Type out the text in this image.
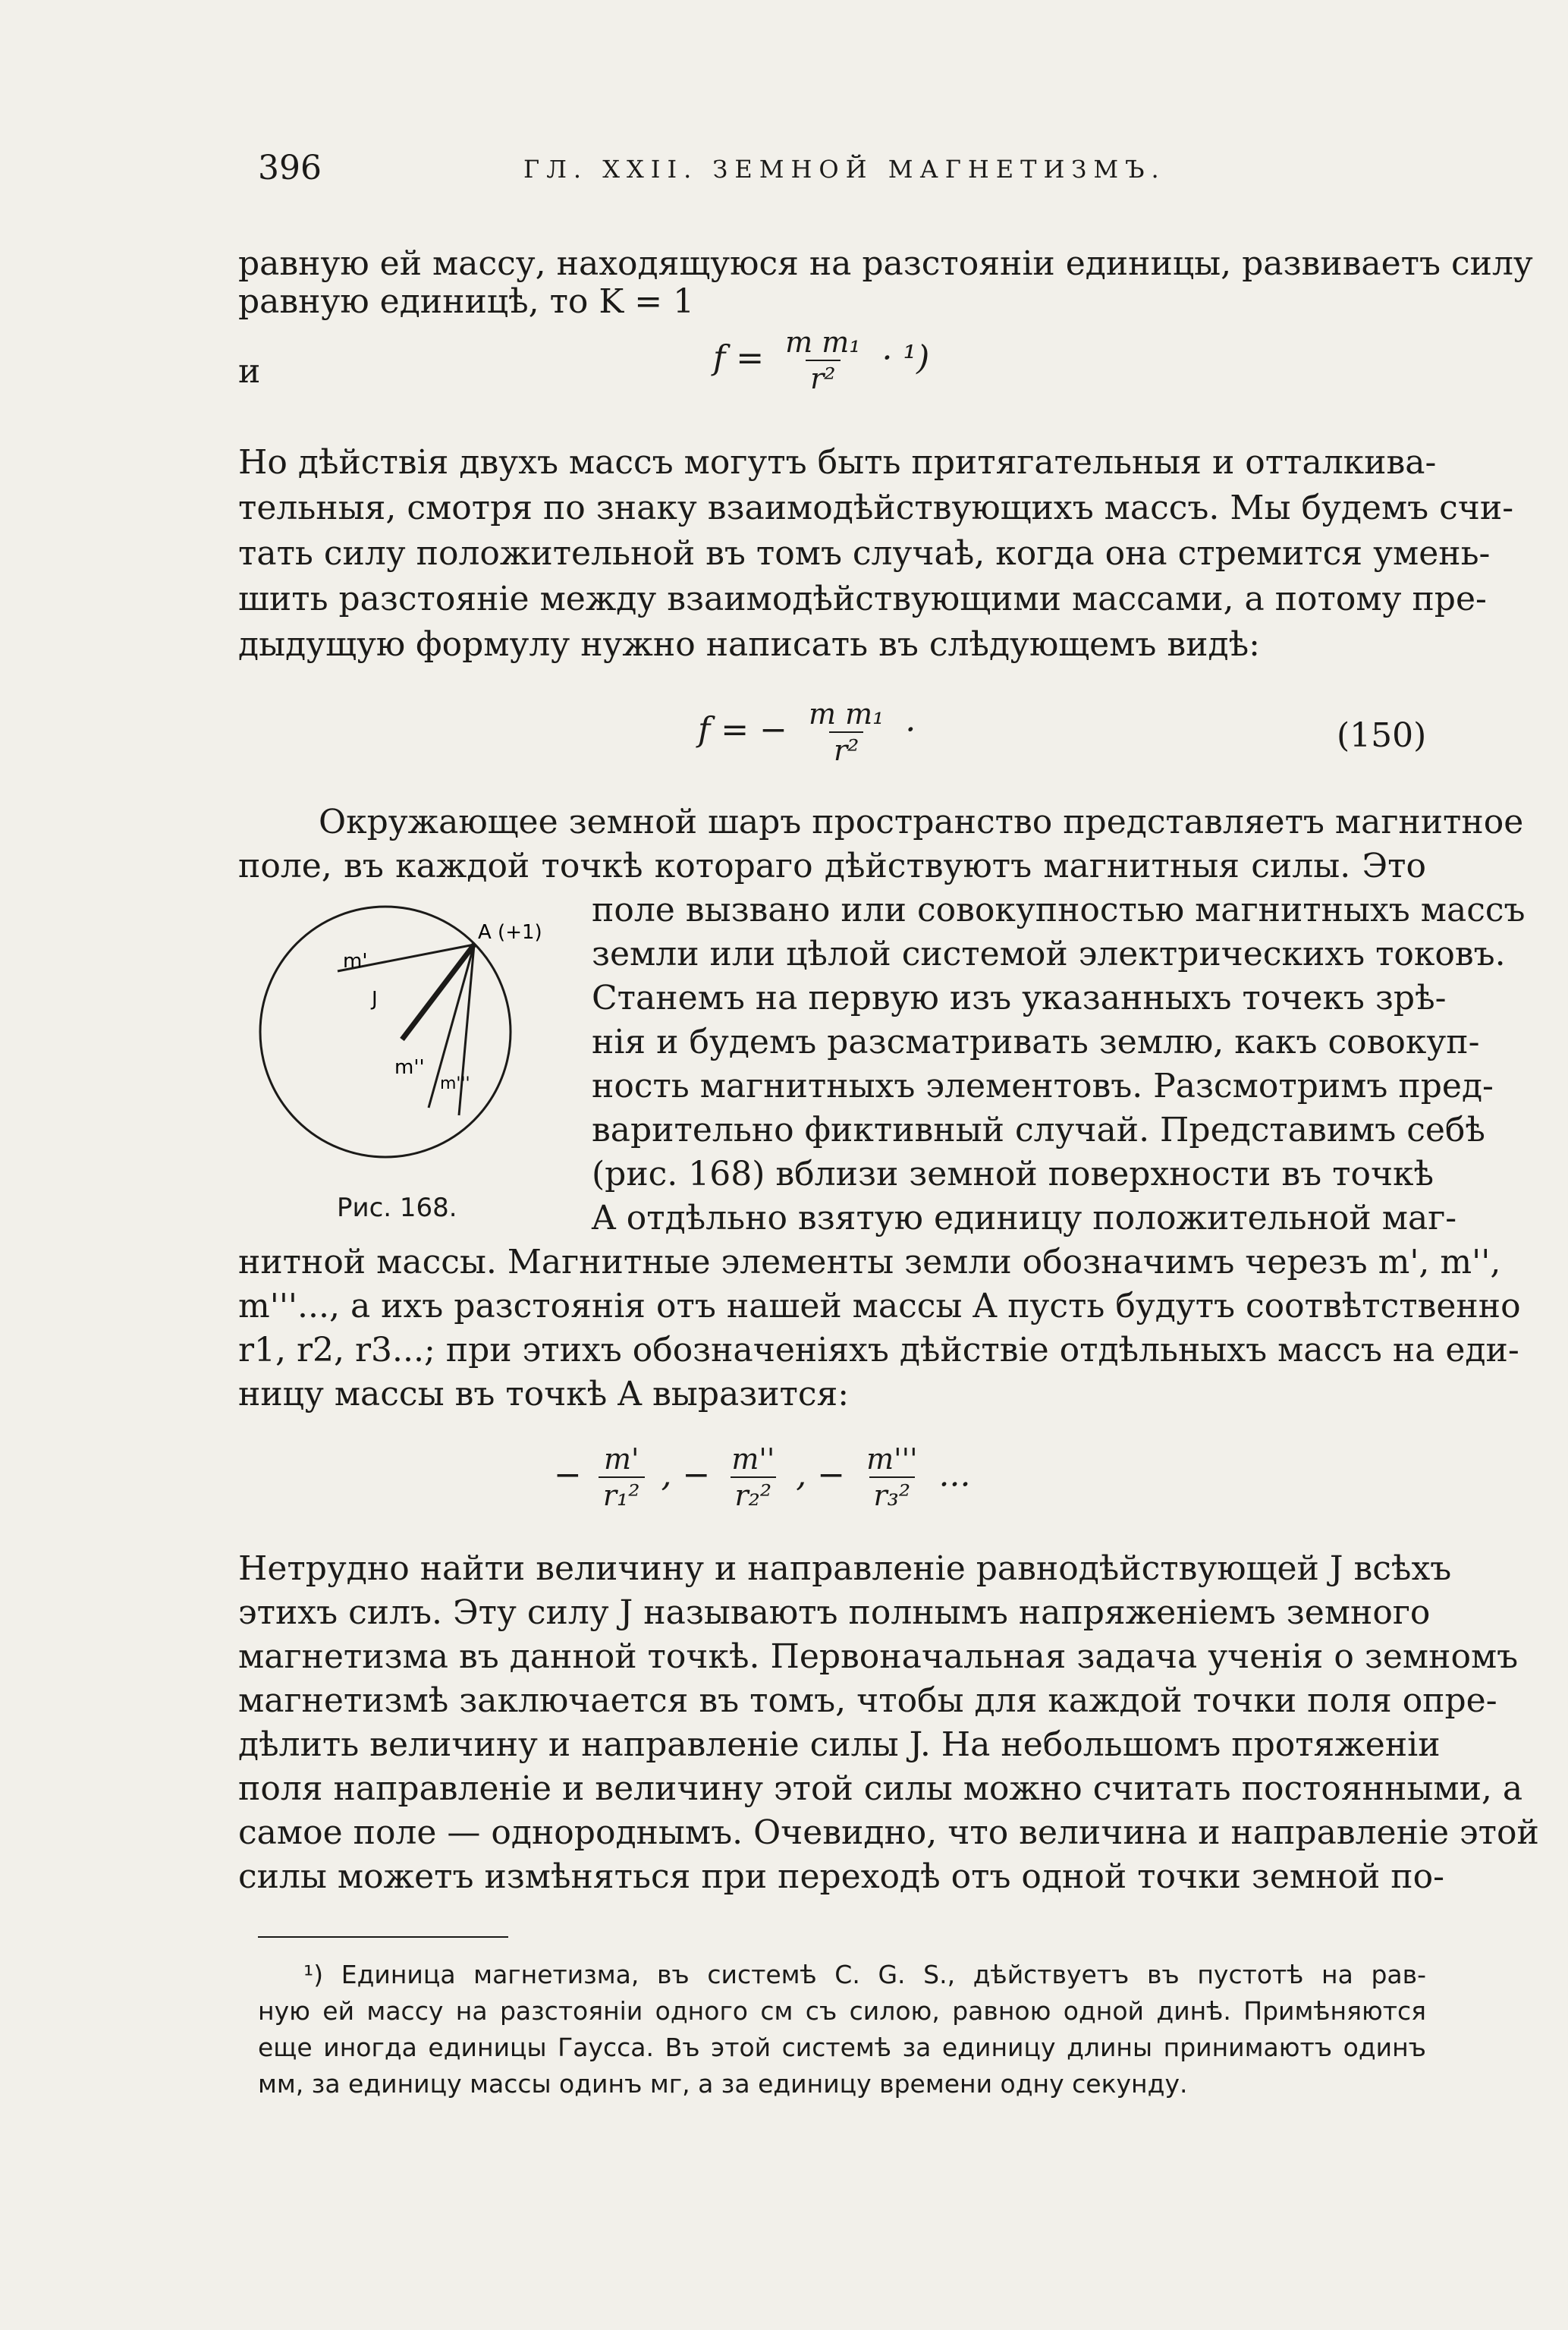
396	ГЛ. XXII. ЗЕМНОЙ МАГНЕТИЗМЪ.
равную ей массу, находящуюся на разстояніи единицы, развиваетъ силу
равную единицѣ, то K = 1
и	$f = \frac{\text{m m₁}}{\text{r²}} \cdot ^1$)
Но дѣйствія двухъ массъ могутъ быть притягательныя и отталкива-
тельныя, смотря по знаку взаимодѣйствующихъ массъ. Мы будемъ счи-
тать силу положительной въ томъ случаѣ, когда она стремится умень-
шить разстояніе между взаимодѣйствующими массами, а потому пре-
дыдущую формулу нужно написать въ слѣдующемъ видѣ:
f = − $\frac{\text{m m₁}}{\text{r²}}$ ·	(150)
Окружающее земной шаръ пространство представляетъ магнитное
поле, въ каждой точкѣ котораго дѣйствуютъ магнитныя силы. Это
поле вызвано или совокупностью магнитныхъ массъ
земли или цѣлой системой электрическихъ токовъ.
Станемъ на первую изъ указанныхъ точекъ зрѣ-
нія и будемъ разсматривать землю, какъ совокуп-
ность магнитныхъ элементовъ. Разсмотримъ пред-
варительно фиктивный случай. Представимъ себѣ
(рис. 168) вблизи земной поверхности въ точкѣ
A отдѣльно взятую единицу положительной маг-
A (+1)
m'
J
m''
m'''
Рис. 168.
нитной массы. Магнитные элементы земли обозначимъ черезъ m', m'',
m'''..., а ихъ разстоянія отъ нашей массы A пусть будутъ соотвѣтственно
r1, r2, r3...; при этихъ обозначеніяхъ дѣйствіе отдѣльныхъ массъ на еди-
ницу массы въ точкѣ A выразится:
− $\frac{m'}{\text{r₁²}}$ , − $\frac{m''}{\text{r₂²}}$ , − $\frac{m'''}{\text{r₃²}}$ ...
Нетрудно найти величину и направленіе равнодѣйствующей J всѣхъ
этихъ силъ. Эту силу J называютъ полнымъ напряженіемъ земного
магнетизма въ данной точкѣ. Первоначальная задача ученія о земномъ
магнетизмѣ заключается въ томъ, чтобы для каждой точки поля опре-
дѣлить величину и направленіе силы J. На небольшомъ протяженіи
поля направленіе и величину этой силы можно считать постоянными, а
самое поле — однороднымъ. Очевидно, что величина и направленіе этой
силы можетъ измѣняться при переходѣ отъ одной точки земной по-
¹) Единица магнетизма, въ системѣ C. G. S., дѣйствуетъ въ пустотѣ на рав-
ную ей массу на разстояніи одного см съ силою, равною одной динѣ. Примѣняются
еще иногда единицы Гаусса. Въ этой системѣ за единицу длины принимаютъ одинъ
мм, за единицу массы одинъ мг, а за единицу времени одну секунду.
